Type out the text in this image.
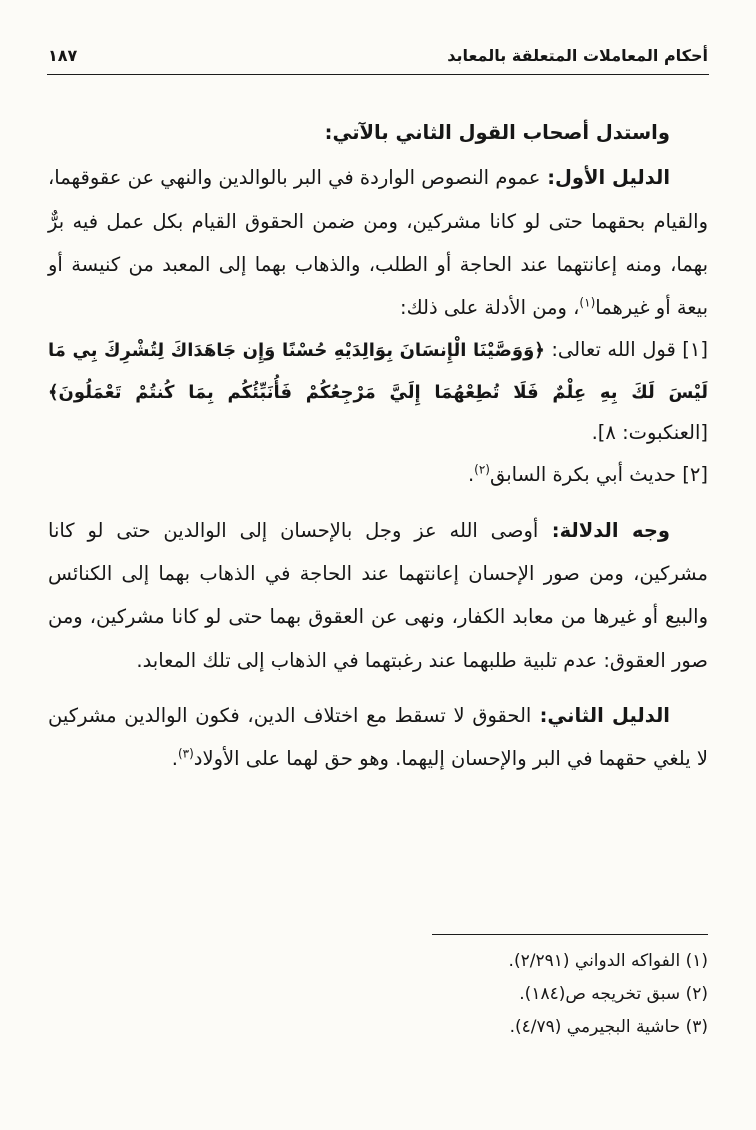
أحكام المعاملات المتعلقة بالمعابد
١٨٧

واستدل أصحاب القول الثاني بالآتي:

الدليل الأول: عموم النصوص الواردة في البر بالوالدين والنهي عن عقوقهما، والقيام بحقهما حتى لو كانا مشركين، ومن ضمن الحقوق القيام بكل عمل فيه برٌّ بهما، ومنه إعانتهما عند الحاجة أو الطلب، والذهاب بهما إلى المعبد من كنيسة أو بيعة أو غيرهما$^{(١)}$، ومن الأدلة على ذلك:

[١] قول الله تعالى: ﴿وَوَصَّيْنَا الْإِنسَانَ بِوَالِدَيْهِ حُسْنًا وَإِن جَاهَدَاكَ لِتُشْرِكَ بِي مَا لَيْسَ لَكَ بِهِ عِلْمٌ فَلَا تُطِعْهُمَا إِلَيَّ مَرْجِعُكُمْ فَأُنَبِّئُكُم بِمَا كُنتُمْ تَعْمَلُونَ﴾ [العنكبوت: ٨].

[٢] حديث أبي بكرة السابق$^{(٢)}$.

وجه الدلالة: أوصى الله عز وجل بالإحسان إلى الوالدين حتى لو كانا مشركين، ومن صور الإحسان إعانتهما عند الحاجة في الذهاب بهما إلى الكنائس والبيع أو غيرها من معابد الكفار، ونهى عن العقوق بهما حتى لو كانا مشركين، ومن صور العقوق: عدم تلبية طلبهما عند رغبتهما في الذهاب إلى تلك المعابد.

الدليل الثاني: الحقوق لا تسقط مع اختلاف الدين، فكون الوالدين مشركين لا يلغي حقهما في البر والإحسان إليهما. وهو حق لهما على الأولاد$^{(٣)}$.

(١) الفواكه الدواني (٢/٢٩١).
(٢) سبق تخريجه ص(١٨٤).
(٣) حاشية البجيرمي (٤/٧٩).
